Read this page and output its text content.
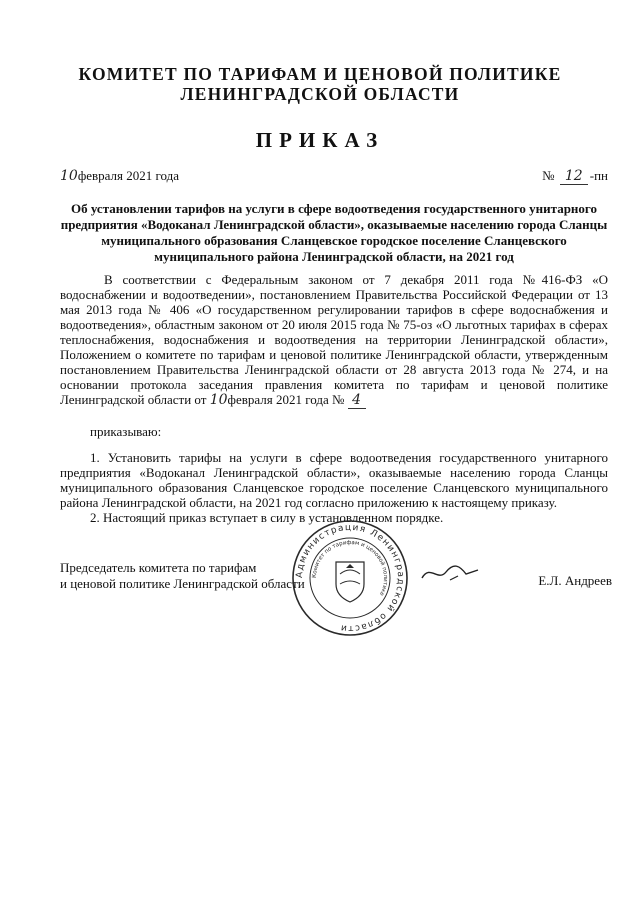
КОМИТЕТ ПО ТАРИФАМ И ЦЕНОВОЙ ПОЛИТИКЕ
ЛЕНИНГРАДСКОЙ ОБЛАСТИ
ПРИКАЗ
10февраля 2021 года	№ 12 -пн
Об установлении тарифов на услуги в сфере водоотведения государственного унитарного
предприятия «Водоканал Ленинградской области», оказываемые населению города Сланцы
муниципального образования Сланцевское городское поселение Сланцевского
муниципального района Ленинградской области, на 2021 год
В соответствии с Федеральным законом от 7 декабря 2011 года №416-ФЗ «О водоснабжении и водоотведении», постановлением Правительства Российской Федерации от 13 мая 2013 года № 406 «О государственном регулировании тарифов в сфере водоснабжения и водоотведения», областным законом от 20 июля 2015 года № 75-оз «О льготных тарифах в сферах теплоснабжения, водоснабжения и водоотведения на территории Ленинградской области», Положением о комитете по тарифам и ценовой политике Ленинградской области, утвержденным постановлением Правительства Ленинградской области от 28 августа 2013 года № 274, и на основании протокола заседания правления комитета по тарифам и ценовой политике Ленинградской области от 10февраля 2021 года № 4
приказываю:

1. Установить тарифы на услуги в сфере водоотведения государственного унитарного предприятия «Водоканал Ленинградской области», оказываемые населению города Сланцы муниципального образования Сланцевское городское поселение Сланцевского муниципального района Ленинградской области, на 2021 год согласно приложению к настоящему приказу.

2. Настоящий приказ вступает в силу в установленном порядке.

Председатель комитета по тарифам
и ценовой политике Ленинградской области	Е.Л. Андреев
Администрация Ленинградской области
Комитет по тарифам и ценовой политике
